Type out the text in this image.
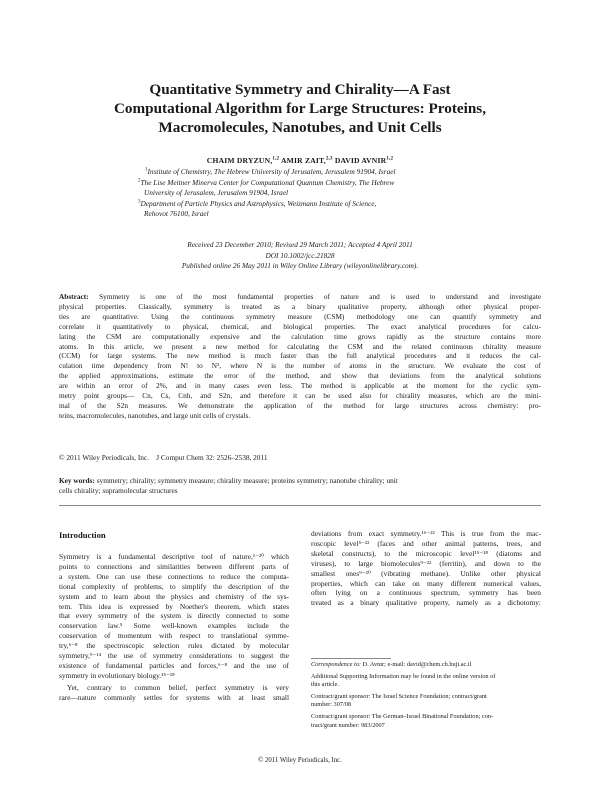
Quantitative Symmetry and Chirality—A Fast
Computational Algorithm for Large Structures: Proteins,
Macromolecules, Nanotubes, and Unit Cells
CHAIM DRYZUN,$^{1,2}$ AMIR ZAIT,$^{2,3}$ DAVID AVNIR$^{1,2}$
$^1$Institute of Chemistry, The Hebrew University of Jerusalem, Jerusalem 91904, Israel
$^2$The Lise Meitner Minerva Center for Computational Quantum Chemistry, The Hebrew
University of Jerusalem, Jerusalem 91904, Israel
$^3$Department of Particle Physics and Astrophysics, Weizmann Institute of Science,
Rehovot 76100, Israel
Received 23 December 2010; Revised 29 March 2011; Accepted 4 April 2011
DOI 10.1002/jcc.21828
Published online 26 May 2011 in Wiley Online Library (wileyonlinelibrary.com).
Abstract: Symmetry is one of the most fundamental properties of nature and is used to understand and investigate
physical properties. Classically, symmetry is treated as a binary qualitative property, although other physical proper-
ties are quantitative. Using the continuous symmetry measure (CSM) methodology one can quantify symmetry and
correlate it quantitatively to physical, chemical, and biological properties. The exact analytical procedures for calcu-
lating the CSM are computationally expensive and the calculation time grows rapidly as the structure contains more
atoms. In this article, we present a new method for calculating the CSM and the related continuous chirality measure
(CCM) for large systems. The new method is much faster than the full analytical procedures and it reduces the cal-
culation time dependency from N! to N², where N is the number of atoms in the structure. We evaluate the cost of
the applied approximations, estimate the error of the method, and show that deviations from the analytical solutions
are within an error of 2%, and in many cases even less. The method is applicable at the moment for the cyclic sym-
metry point groups— Cn, Cs, Cnh, and S2n, and therefore it can be used also for chirality measures, which are the mini-
mal of the S2n measures. We demonstrate the application of the method for large structures across chemistry: pro-
teins, macromolecules, nanotubes, and large unit cells of crystals.
© 2011 Wiley Periodicals, Inc. J Comput Chem 32: 2526–2538, 2011
Key words: symmetry; chirality; symmetry measure; chirality measure; proteins symmetry; nanotube chirality; unit
cells chirality; supramolecular structures
Introduction
Symmetry is a fundamental descriptive tool of nature,¹⁻²⁰ which
points to connections and similarities between different parts of
a system. One can use these connections to reduce the computa-
tional complexity of problems, to simplify the description of the
system and to learn about the physics and chemistry of the sys-
tem. This idea is expressed by Noether's theorem, which states
that every symmetry of the system is directly connected to some
conservation law.⁵ Some well-known examples include the
conservation of momentum with respect to translational symme-
try,⁶⁻⁸ the spectroscopic selection rules dictated by molecular
symmetry,⁹⁻¹⁴ the use of symmetry considerations to suggest the
existence of fundamental particles and forces,⁶⁻⁸ and the use of
symmetry in evolutionary biology.¹⁵⁻¹⁸
Yet, contrary to common belief, perfect symmetry is very
rare—nature commonly settles for systems with at least small
deviations from exact symmetry.¹⁶⁻²² This is true from the mac-
roscopic level⁵⁻²² (faces and other animal patterns, trees, and
skeletal constructs), to the microscopic level¹⁵⁻¹⁸ (diatoms and
viruses), to large biomolecules⁹⁻²² (ferritin), and down to the
smallest ones⁹⁻²⁰ (vibrating methane). Unlike other physical
properties, which can take on many different numerical values,
often lying on a continuous spectrum, symmetry has been
treated as a binary qualitative property, namely as a dichotomy:
Correspondence to: D. Avnir; e-mail: david@chem.ch.huji.ac.il
Additional Supporting Information may be found in the online version of
this article.
Contract/grant sponsor: The Israel Science Foundation; contract/grant
number: 307/08
Contract/grant sponsor: The German–Israel Binational Foundation; con-
tract/grant number: 983/2007
© 2011 Wiley Periodicals, Inc.
